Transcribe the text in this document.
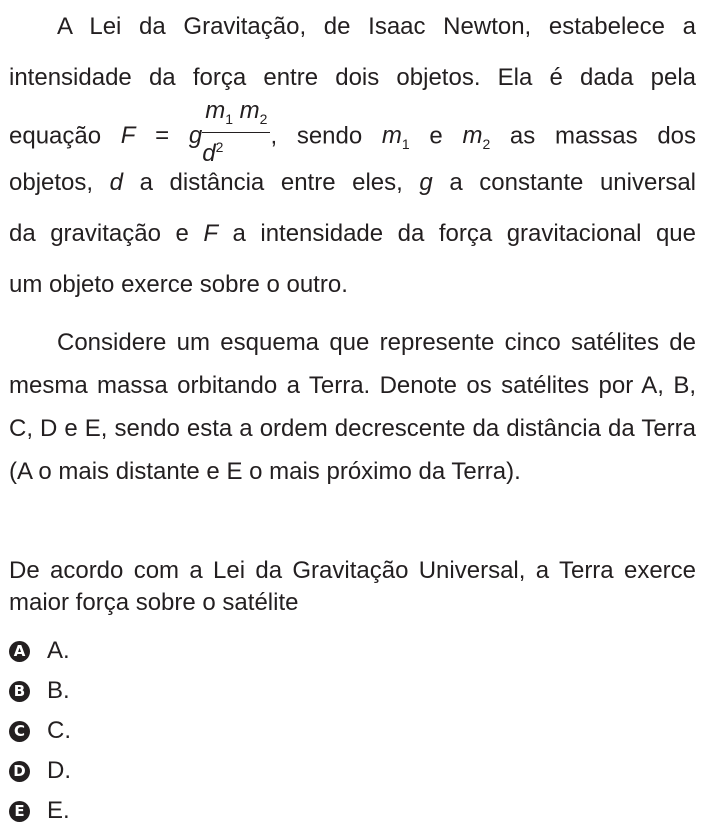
A Lei da Gravitação, de Isaac Newton, estabelece a
intensidade da força entre dois objetos. Ela é dada pela
equação F = g $\frac{m_1 m_2}{d^2}$ , sendo $m_1$ e $m_2$ as massas dos
objetos, d a distância entre eles, g a constante universal
da gravitação e F a intensidade da força gravitacional que
um objeto exerce sobre o outro.
Considere um esquema que represente cinco satélites de mesma massa orbitando a Terra. Denote os satélites por A, B, C, D e E, sendo esta a ordem decrescente da distância da Terra (A o mais distante e E o mais próximo da Terra).
De acordo com a Lei da Gravitação Universal, a Terra exerce maior força sobre o satélite
A A.
B B.
C C.
D D.
E E.
